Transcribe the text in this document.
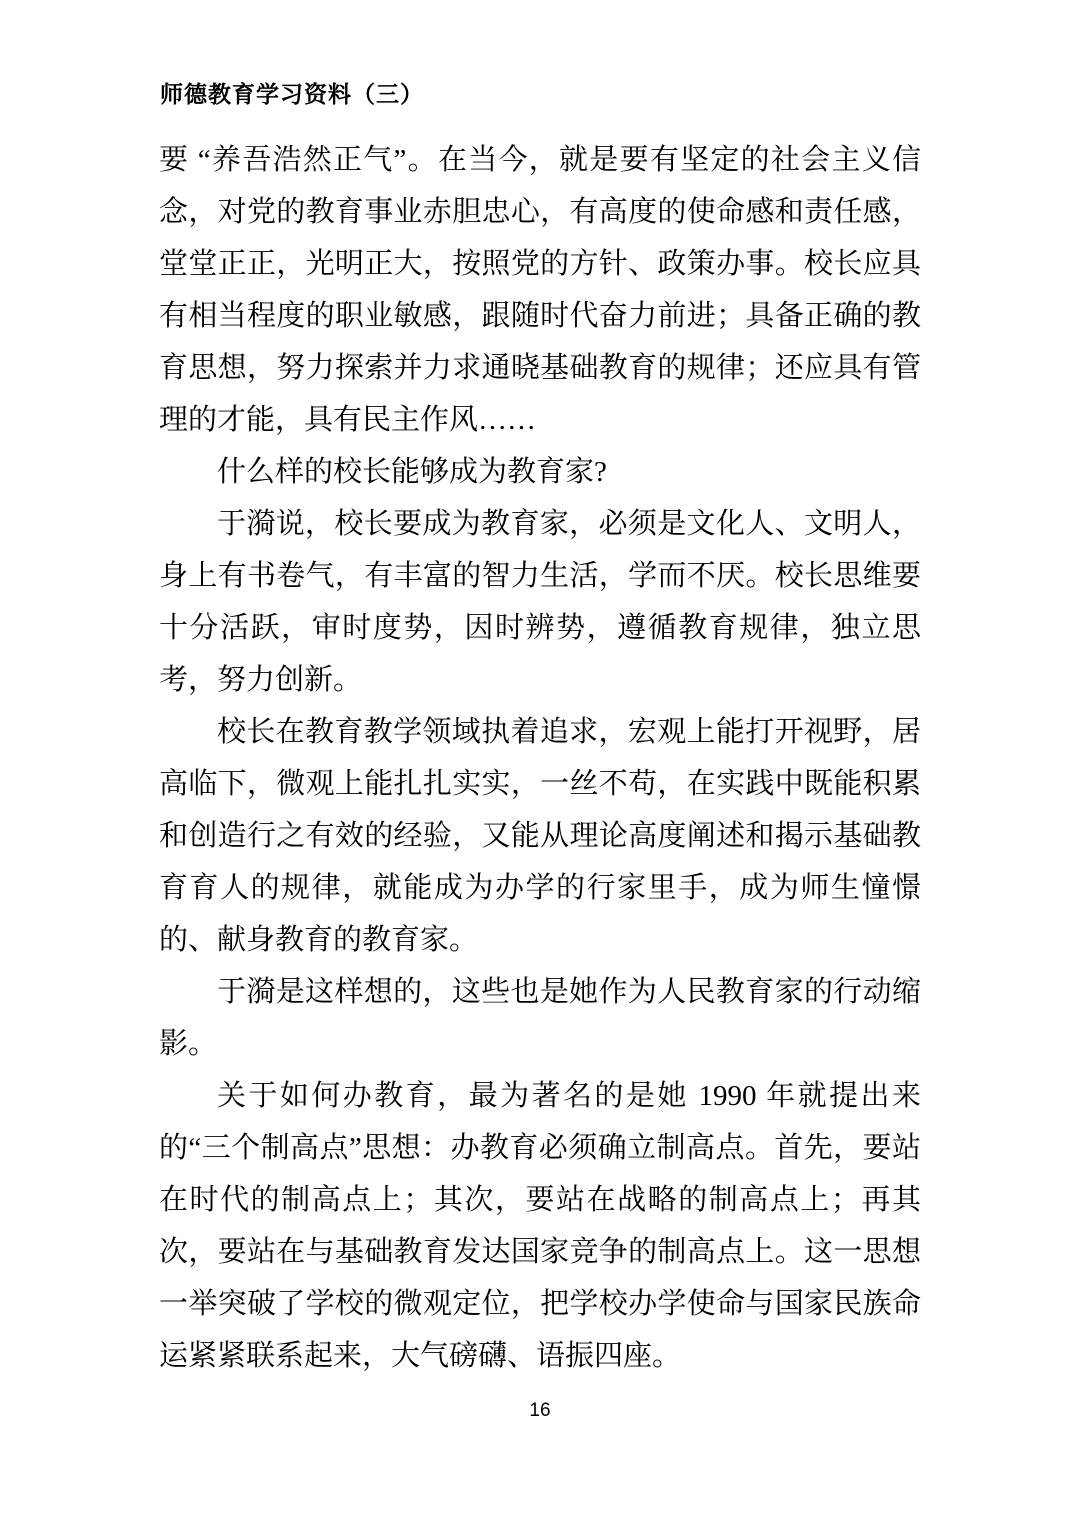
师德教育学习资料（三）

要 “养吾浩然正气”。在当今，就是要有坚定的社会主义信念，对党的教育事业赤胆忠心，有高度的使命感和责任感，堂堂正正，光明正大，按照党的方针、政策办事。校长应具有相当程度的职业敏感，跟随时代奋力前进；具备正确的教育思想，努力探索并力求通晓基础教育的规律；还应具有管理的才能，具有民主作风……

什么样的校长能够成为教育家?

于漪说，校长要成为教育家，必须是文化人、文明人，身上有书卷气，有丰富的智力生活，学而不厌。校长思维要十分活跃，审时度势，因时辨势，遵循教育规律，独立思考，努力创新。

校长在教育教学领域执着追求，宏观上能打开视野，居高临下，微观上能扎扎实实，一丝不苟，在实践中既能积累和创造行之有效的经验，又能从理论高度阐述和揭示基础教育育人的规律，就能成为办学的行家里手，成为师生憧憬的、献身教育的教育家。

于漪是这样想的，这些也是她作为人民教育家的行动缩影。

关于如何办教育，最为著名的是她 1990 年就提出来的“三个制高点”思想：办教育必须确立制高点。首先，要站在时代的制高点上；其次，要站在战略的制高点上；再其次，要站在与基础教育发达国家竞争的制高点上。这一思想一举突破了学校的微观定位，把学校办学使命与国家民族命运紧紧联系起来，大气磅礴、语振四座。

16
